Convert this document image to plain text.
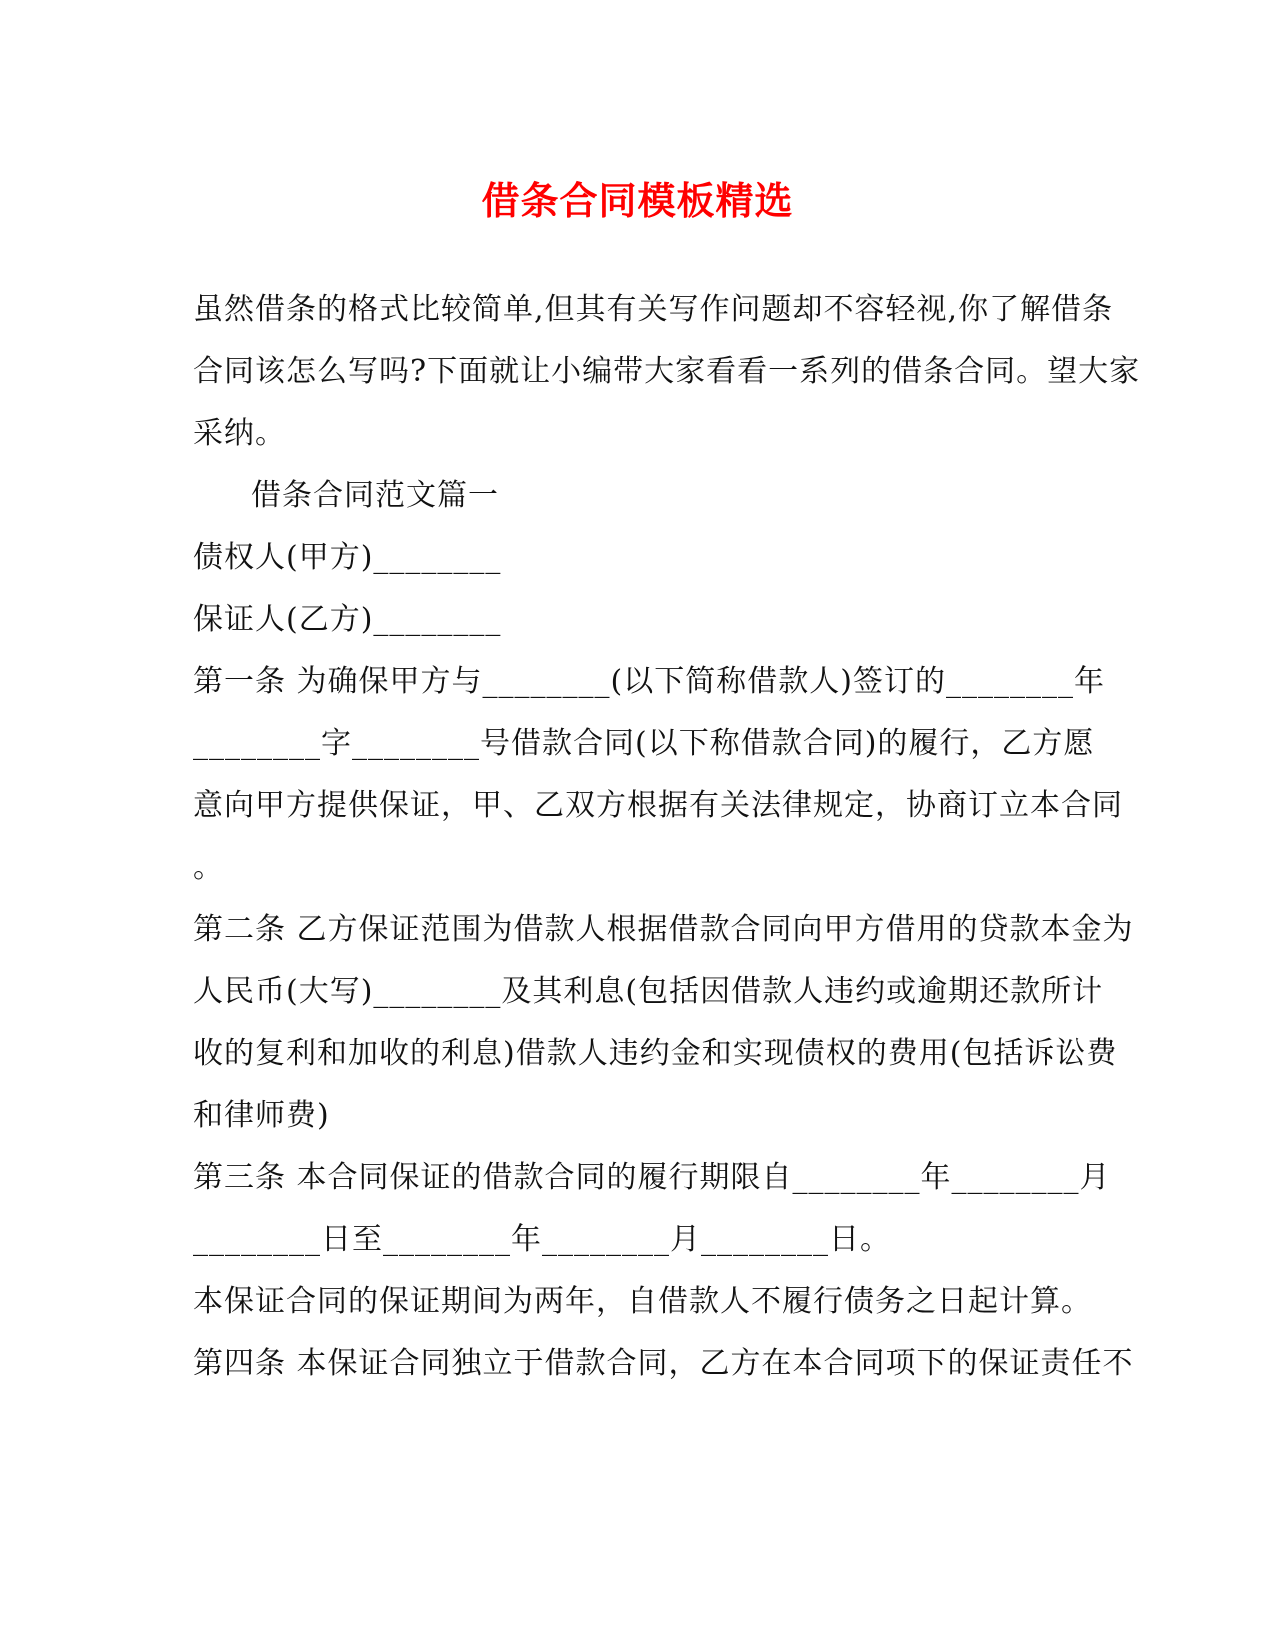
借条合同模板精选
虽然借条的格式比较简单,但其有关写作问题却不容轻视,你了解借条
合同该怎么写吗?下面就让小编带大家看看一系列的借条合同。望大家
采纳。
借条合同范文篇一
债权人(甲方)________
保证人(乙方)________
第一条 为确保甲方与________(以下简称借款人)签订的________年
________字________号借款合同(以下称借款合同)的履行，乙方愿
意向甲方提供保证，甲、乙双方根据有关法律规定，协商订立本合同
。
第二条 乙方保证范围为借款人根据借款合同向甲方借用的贷款本金为
人民币(大写)________及其利息(包括因借款人违约或逾期还款所计
收的复利和加收的利息)借款人违约金和实现债权的费用(包括诉讼费
和律师费)
第三条 本合同保证的借款合同的履行期限自________年________月
________日至________年________月________日。
本保证合同的保证期间为两年，自借款人不履行债务之日起计算。
第四条 本保证合同独立于借款合同，乙方在本合同项下的保证责任不
